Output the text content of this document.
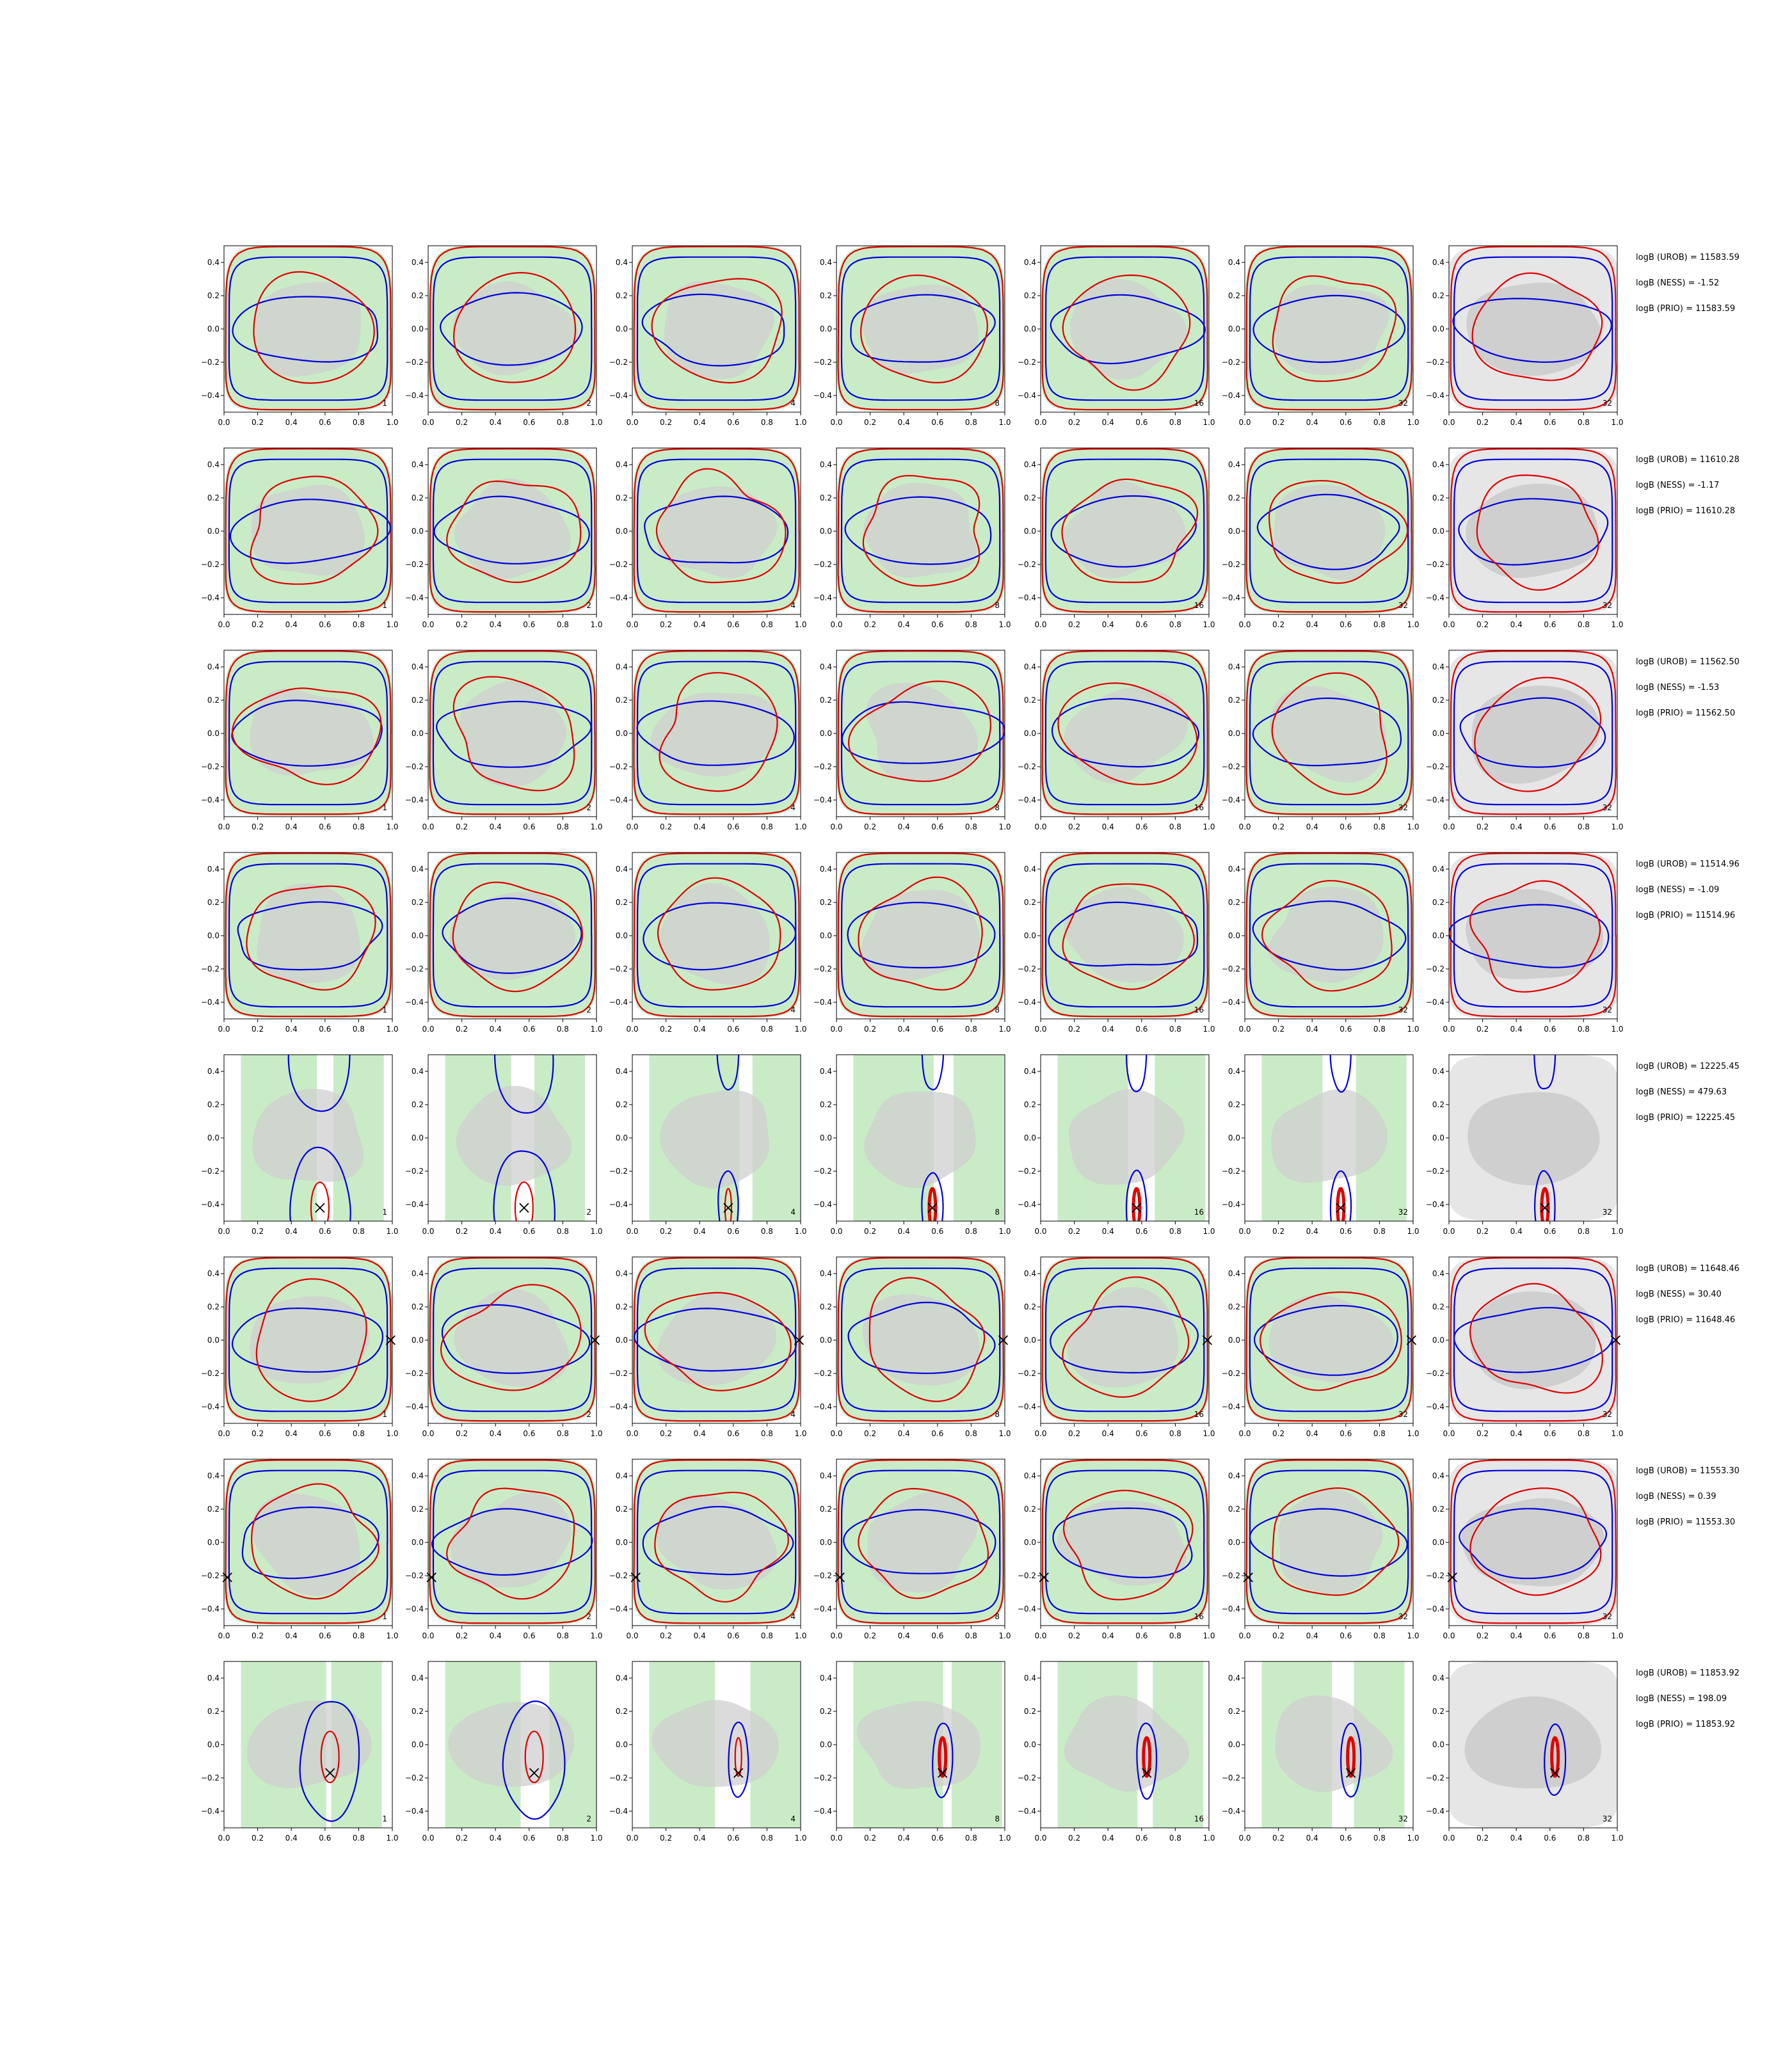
0.0	0.2	0.4	0.6	0.8	1.0
0.4
0.2
0.0
−0.2
−0.4
1
0.0	0.2	0.4	0.6	0.8	1.0
0.4
0.2
0.0
−0.2
−0.4
2
0.0	0.2	0.4	0.6	0.8	1.0
0.4
0.2
0.0
−0.2
−0.4
4
0.0	0.2	0.4	0.6	0.8	1.0
0.4
0.2
0.0
−0.2
−0.4
8
0.0	0.2	0.4	0.6	0.8	1.0
0.4
0.2
0.0
−0.2
−0.4
16
0.0	0.2	0.4	0.6	0.8	1.0
0.4
0.2
0.0
−0.2
−0.4
32
0.0	0.2	0.4	0.6	0.8	1.0
0.4
0.2
0.0
−0.2
−0.4
32
logB (UROB) = 11583.59
logB (NESS) = -1.52
logB (PRIO) = 11583.59
0.0	0.2	0.4	0.6	0.8	1.0
0.4
0.2
0.0
−0.2
−0.4
1
0.0	0.2	0.4	0.6	0.8	1.0
0.4
0.2
0.0
−0.2
−0.4
2
0.0	0.2	0.4	0.6	0.8	1.0
0.4
0.2
0.0
−0.2
−0.4
4
0.0	0.2	0.4	0.6	0.8	1.0
0.4
0.2
0.0
−0.2
−0.4
8
0.0	0.2	0.4	0.6	0.8	1.0
0.4
0.2
0.0
−0.2
−0.4
16
0.0	0.2	0.4	0.6	0.8	1.0
0.4
0.2
0.0
−0.2
−0.4
32
0.0	0.2	0.4	0.6	0.8	1.0
0.4
0.2
0.0
−0.2
−0.4
32
logB (UROB) = 11610.28
logB (NESS) = -1.17
logB (PRIO) = 11610.28
0.0	0.2	0.4	0.6	0.8	1.0
0.4
0.2
0.0
−0.2
−0.4
1
0.0	0.2	0.4	0.6	0.8	1.0
0.4
0.2
0.0
−0.2
−0.4
2
0.0	0.2	0.4	0.6	0.8	1.0
0.4
0.2
0.0
−0.2
−0.4
4
0.0	0.2	0.4	0.6	0.8	1.0
0.4
0.2
0.0
−0.2
−0.4
8
0.0	0.2	0.4	0.6	0.8	1.0
0.4
0.2
0.0
−0.2
−0.4
16
0.0	0.2	0.4	0.6	0.8	1.0
0.4
0.2
0.0
−0.2
−0.4
32
0.0	0.2	0.4	0.6	0.8	1.0
0.4
0.2
0.0
−0.2
−0.4
32
logB (UROB) = 11562.50
logB (NESS) = -1.53
logB (PRIO) = 11562.50
0.0	0.2	0.4	0.6	0.8	1.0
0.4
0.2
0.0
−0.2
−0.4
1
0.0	0.2	0.4	0.6	0.8	1.0
0.4
0.2
0.0
−0.2
−0.4
2
0.0	0.2	0.4	0.6	0.8	1.0
0.4
0.2
0.0
−0.2
−0.4
4
0.0	0.2	0.4	0.6	0.8	1.0
0.4
0.2
0.0
−0.2
−0.4
8
0.0	0.2	0.4	0.6	0.8	1.0
0.4
0.2
0.0
−0.2
−0.4
16
0.0	0.2	0.4	0.6	0.8	1.0
0.4
0.2
0.0
−0.2
−0.4
32
0.0	0.2	0.4	0.6	0.8	1.0
0.4
0.2
0.0
−0.2
−0.4
32
logB (UROB) = 11514.96
logB (NESS) = -1.09
logB (PRIO) = 11514.96
0.0	0.2	0.4	0.6	0.8	1.0
0.4
0.2
0.0
−0.2
−0.4
1
0.0	0.2	0.4	0.6	0.8	1.0
0.4
0.2
0.0
−0.2
−0.4
2
0.0	0.2	0.4	0.6	0.8	1.0
0.4
0.2
0.0
−0.2
−0.4
4
0.0	0.2	0.4	0.6	0.8	1.0
0.4
0.2
0.0
−0.2
−0.4
8
0.0	0.2	0.4	0.6	0.8	1.0
0.4
0.2
0.0
−0.2
−0.4
16
0.0	0.2	0.4	0.6	0.8	1.0
0.4
0.2
0.0
−0.2
−0.4
32
0.0	0.2	0.4	0.6	0.8	1.0
0.4
0.2
0.0
−0.2
−0.4
32
logB (UROB) = 12225.45
logB (NESS) = 479.63
logB (PRIO) = 12225.45
0.0	0.2	0.4	0.6	0.8	1.0
0.4
0.2
0.0
−0.2
−0.4
1
0.0	0.2	0.4	0.6	0.8	1.0
0.4
0.2
0.0
−0.2
−0.4
2
0.0	0.2	0.4	0.6	0.8	1.0
0.4
0.2
0.0
−0.2
−0.4
4
0.0	0.2	0.4	0.6	0.8	1.0
0.4
0.2
0.0
−0.2
−0.4
8
0.0	0.2	0.4	0.6	0.8	1.0
0.4
0.2
0.0
−0.2
−0.4
16
0.0	0.2	0.4	0.6	0.8	1.0
0.4
0.2
0.0
−0.2
−0.4
32
0.0	0.2	0.4	0.6	0.8	1.0
0.4
0.2
0.0
−0.2
−0.4
32
logB (UROB) = 11648.46
logB (NESS) = 30.40
logB (PRIO) = 11648.46
0.0	0.2	0.4	0.6	0.8	1.0
0.4
0.2
0.0
−0.2
−0.4
1
0.0	0.2	0.4	0.6	0.8	1.0
0.4
0.2
0.0
−0.2
−0.4
2
0.0	0.2	0.4	0.6	0.8	1.0
0.4
0.2
0.0
−0.2
−0.4
4
0.0	0.2	0.4	0.6	0.8	1.0
0.4
0.2
0.0
−0.2
−0.4
8
0.0	0.2	0.4	0.6	0.8	1.0
0.4
0.2
0.0
−0.2
−0.4
16
0.0	0.2	0.4	0.6	0.8	1.0
0.4
0.2
0.0
−0.2
−0.4
32
0.0	0.2	0.4	0.6	0.8	1.0
0.4
0.2
0.0
−0.2
−0.4
32
logB (UROB) = 11553.30
logB (NESS) = 0.39
logB (PRIO) = 11553.30
0.0	0.2	0.4	0.6	0.8	1.0
0.4
0.2
0.0
−0.2
−0.4
1
0.0	0.2	0.4	0.6	0.8	1.0
0.4
0.2
0.0
−0.2
−0.4
2
0.0	0.2	0.4	0.6	0.8	1.0
0.4
0.2
0.0
−0.2
−0.4
4
0.0	0.2	0.4	0.6	0.8	1.0
0.4
0.2
0.0
−0.2
−0.4
8
0.0	0.2	0.4	0.6	0.8	1.0
0.4
0.2
0.0
−0.2
−0.4
16
0.0	0.2	0.4	0.6	0.8	1.0
0.4
0.2
0.0
−0.2
−0.4
32
0.0	0.2	0.4	0.6	0.8	1.0
0.4
0.2
0.0
−0.2
−0.4
32
logB (UROB) = 11853.92
logB (NESS) = 198.09
logB (PRIO) = 11853.92
